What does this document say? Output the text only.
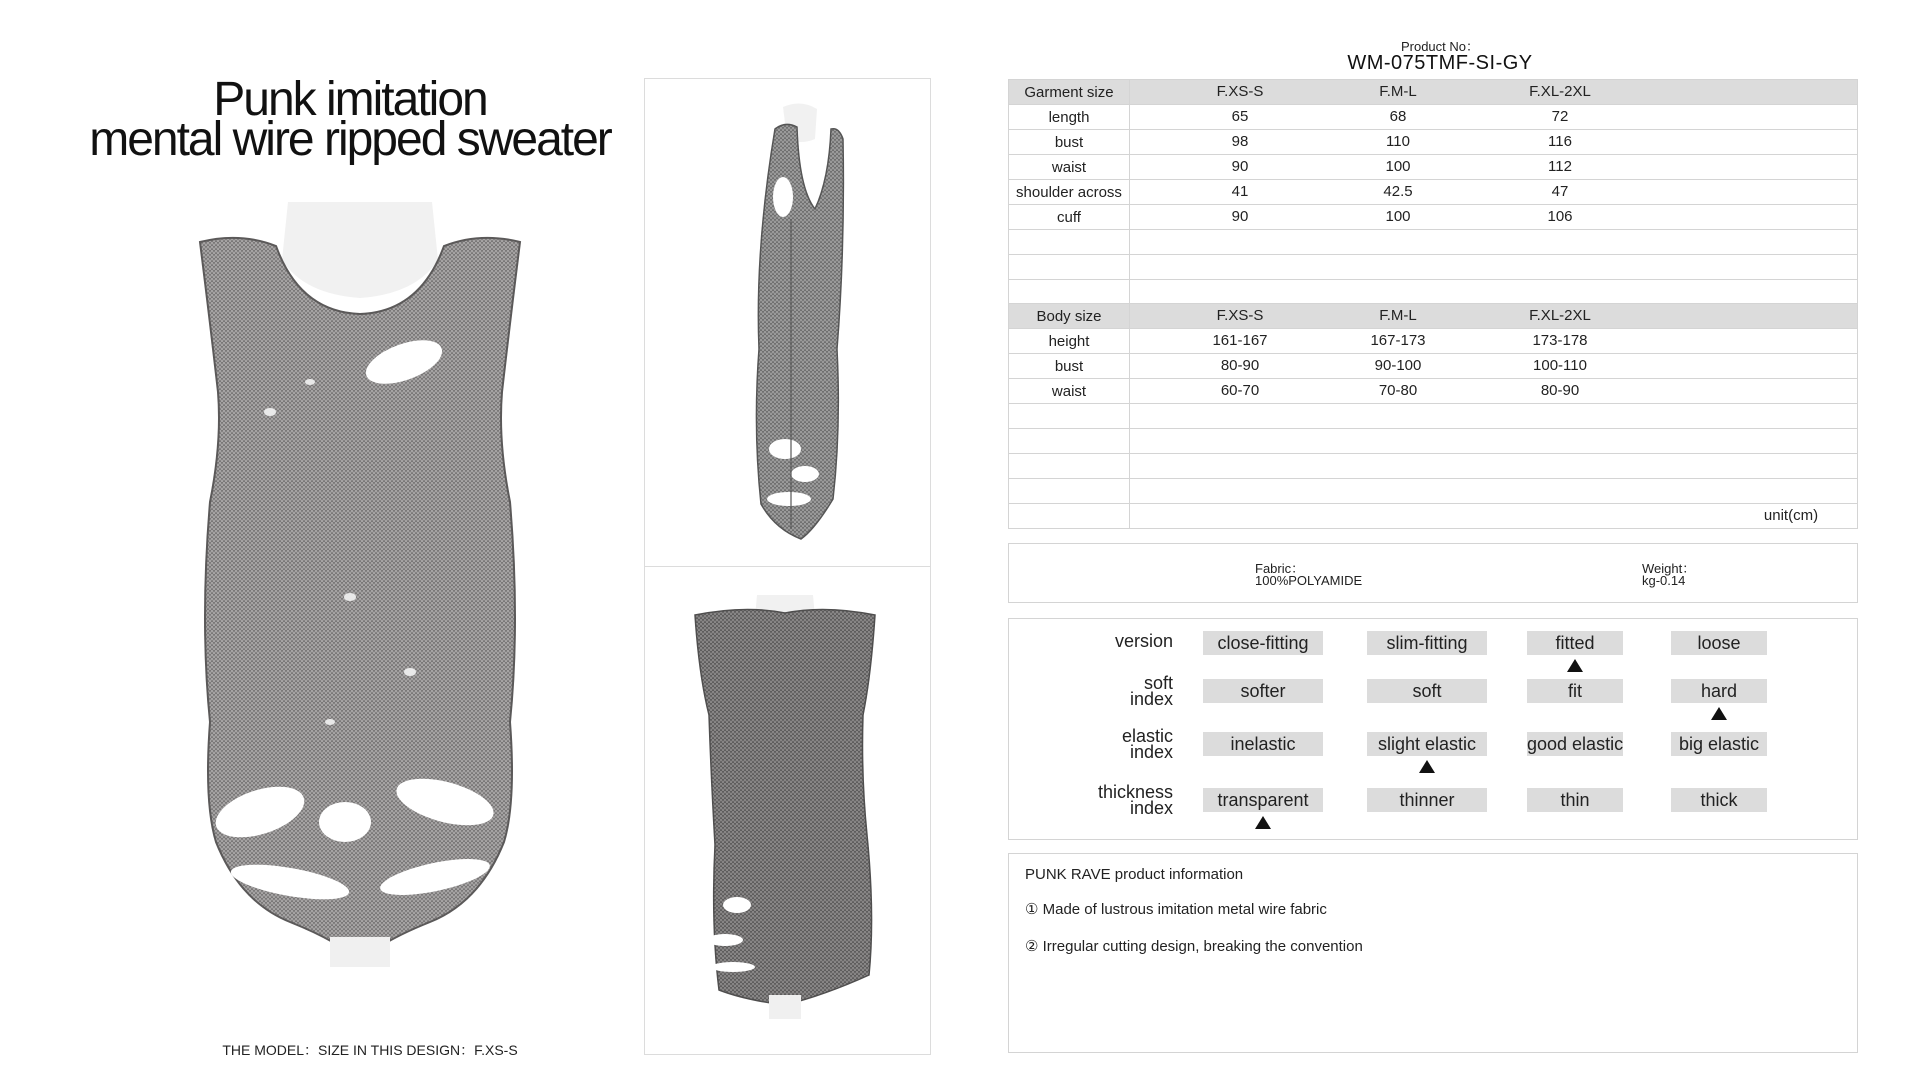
Punk imitation
mental wire ripped sweater
THE MODEL：SIZE IN THIS DESIGN：F.XS-S
Product No：
WM-075TMF-SI-GY
Garment size	F.XS-S F.M-L F.XL-2XL

length	65 68 72

bust	98 110 116

waist	90 100 112

shoulder across	41 42.5 47

cuff	90 100 106

Body size	F.XS-S F.M-L F.XL-2XL

height	161-167 167-173 173-178

bust	80-90 90-100 100-110

waist	60-70 70-80 80-90

	unit(cm)
Fabric：
100%POLYAMIDE
Weight：
kg-0.14
version	close-fitting	slim-fitting	fitted	loose
soft
index	softer	soft	fit	hard
elastic
index	inelastic	slight elastic	good elastic	big elastic
thickness
index	transparent	thinner	thin	thick
PUNK RAVE product information
① Made of lustrous imitation metal wire fabric
② Irregular cutting design, breaking the convention
